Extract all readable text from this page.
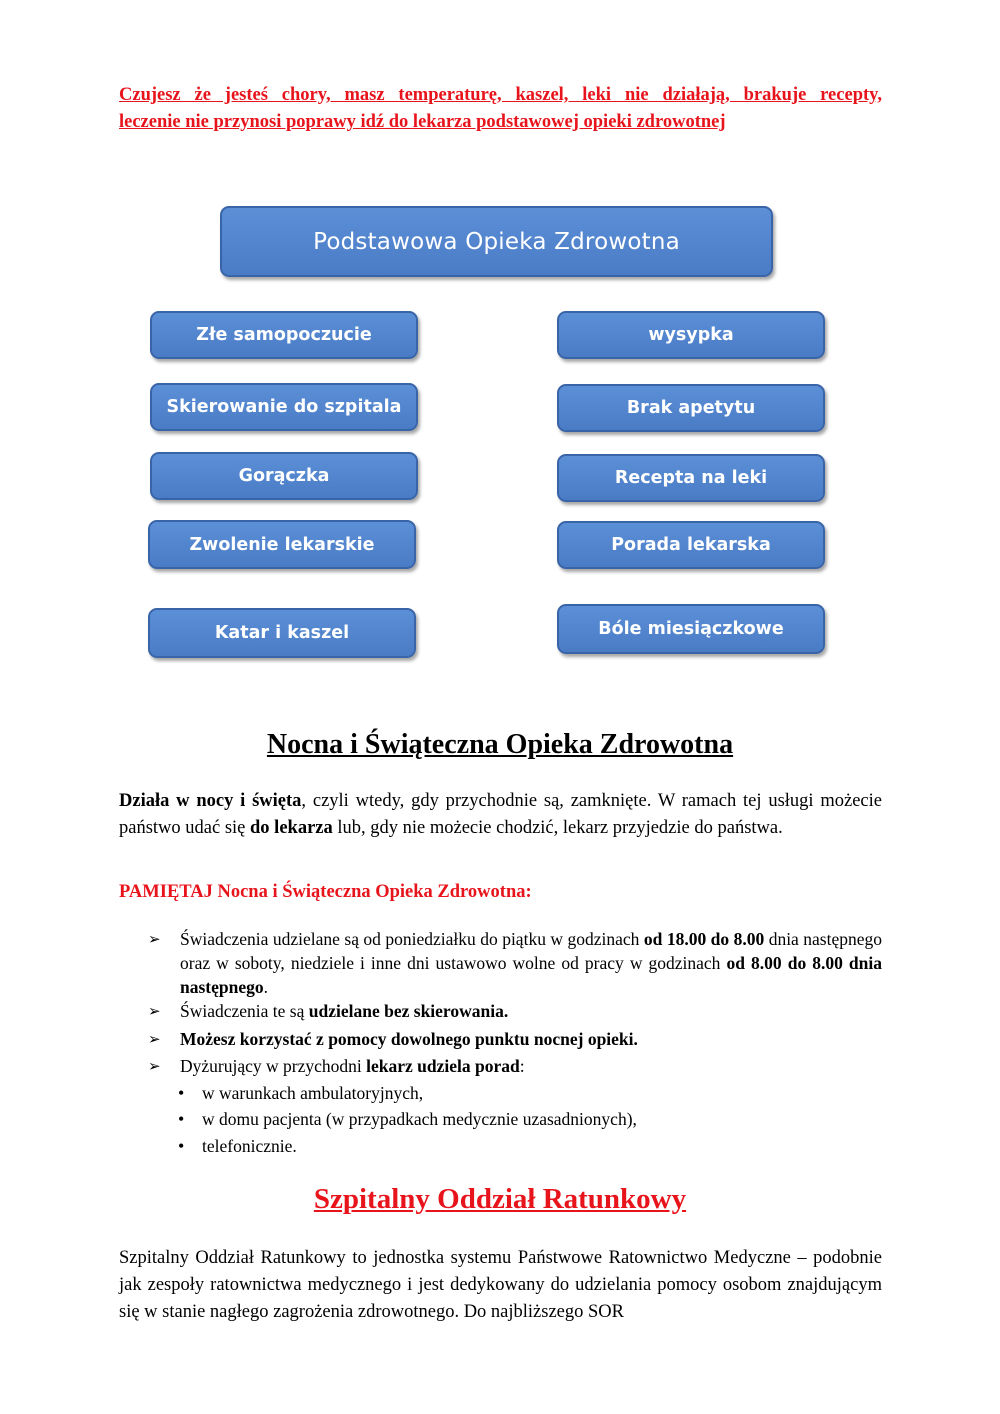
Czujesz że jesteś chory, masz temperaturę, kaszel, leki nie działają, brakuje recepty,
leczenie nie przynosi poprawy idź do lekarza podstawowej opieki zdrowotnej
Podstawowa Opieka Zdrowotna
Złe samopoczucie
Skierowanie do szpitala
Gorączka
Zwolenie lekarskie
Katar i kaszel
wysypka
Brak apetytu
Recepta na leki
Porada lekarska
Bóle miesiączkowe
Nocna i Świąteczna Opieka Zdrowotna
Działa w nocy i święta, czyli wtedy, gdy przychodnie są, zamknięte. W ramach tej usługi możecie państwo udać się do lekarza lub, gdy nie możecie chodzić, lekarz przyjedzie do państwa.
PAMIĘTAJ Nocna i Świąteczna Opieka Zdrowotna:
➢ Świadczenia udzielane są od poniedziałku do piątku w godzinach od 18.00 do 8.00 dnia następnego oraz w soboty, niedziele i inne dni ustawowo wolne od pracy w godzinach od 8.00 do 8.00 dnia następnego.
➢ Świadczenia te są udzielane bez skierowania.
➢ Możesz korzystać z pomocy dowolnego punktu nocnej opieki.
➢ Dyżurujący w przychodni lekarz udziela porad:
• w warunkach ambulatoryjnych,
• w domu pacjenta (w przypadkach medycznie uzasadnionych),
• telefonicznie.
Szpitalny Oddział Ratunkowy
Szpitalny Oddział Ratunkowy to jednostka systemu Państwowe Ratownictwo Medyczne – podobnie jak zespoły ratownictwa medycznego i jest dedykowany do udzielania pomocy osobom znajdującym się w stanie nagłego zagrożenia zdrowotnego. Do najbliższego SOR
